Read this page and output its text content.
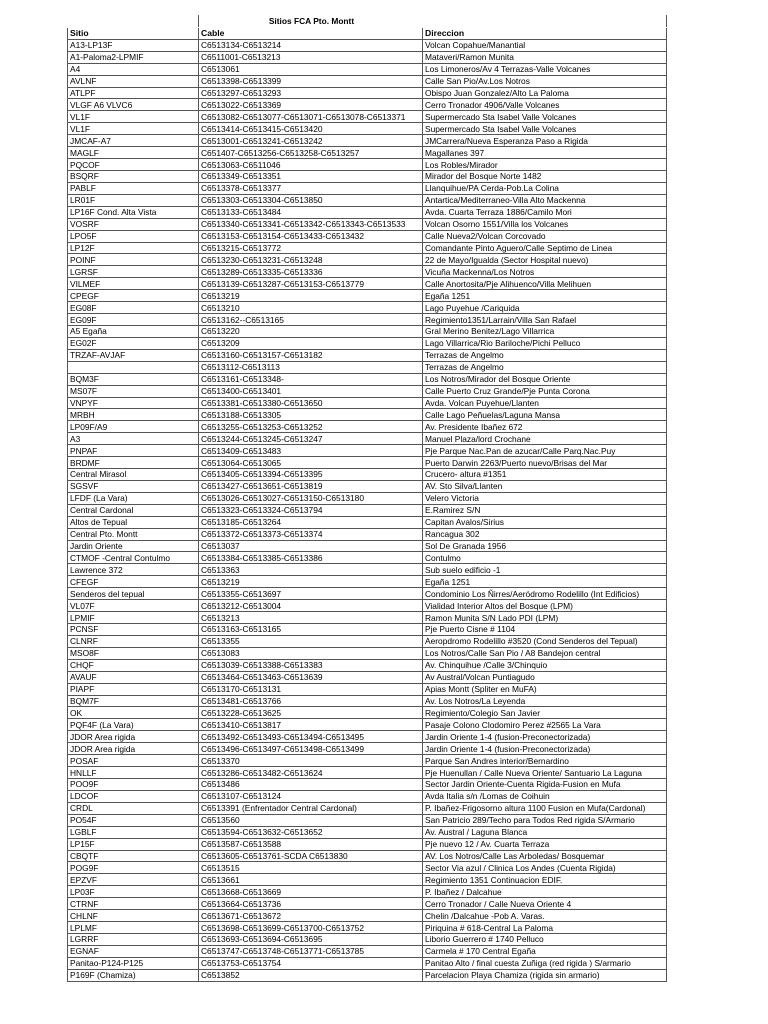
	Sitios FCA Pto. Montt	
Sitio	Cable	Direccion
A13-LP13F	C6513134-C6513214	Volcan Copahue/Manantial
A1-Paloma2-LPMIF	C6511001-C6513213	Mataveri/Ramon Munita
A4	C6513061	Los Limoneros/Av 4 Terrazas-Valle Volcanes
AVLNF	C6513398-C6513399	Calle San Pio/Av.Los Notros
ATLPF	C6513297-C6513293	Obispo Juan Gonzalez/Alto La Paloma
VLGF A6 VLVC6	C6513022-C6513369	Cerro Tronador 4906/Valle Volcanes
VL1F	C6513082-C6513077-C6513071-C6513078-C6513371	Supermercado Sta Isabel Valle Volcanes
VL1F	C6513414-C6513415-C6513420	Supermercado Sta Isabel Valle Volcanes
JMCAF-A7	C6513001-C6513241-C6513242	JMCarrera/Nueva Esperanza Paso a Rigida
MAGLF	C651407-C6513256-C6513258-C6513257	Magallanes 397
PQCOF	C6513063-C6511046	Los Robles/Mirador
BSQRF	C6513349-C6513351	Mirador del Bosque Norte 1482
PABLF	C6513378-C6513377	Llanquihue/PA Cerda-Pob.La Colina
LR01F	C6513303-C6513304-C6513850	Antartica/Mediterraneo-Villa Alto Mackenna
LP16F Cond. Alta Vista	C6513133-C6513484	Avda. Cuarta Terraza 1886/Camilo Mori
VOSRF	C6513340-C6513341-C6513342-C6513343-C6513533	Volcan Osorno 1551/Villa los Volcanes
LPO5F	C6513153-C6513154-C6513433-C6513432	Calle Nueva2/Volcan Corcovado
LP12F	C6513215-C6513772	Comandante Pinto Aguero/Calle Septimo de Linea
POINF	C6513230-C6513231-C6513248	22 de Mayo/Igualda (Sector Hospital nuevo)
LGRSF	C6513289-C6513335-C6513336	Vicuña Mackenna/Los Notros
VILMEF	C6513139-C6513287-C6513153-C6513779	Calle Anortosita/Pje Alihuenco/Villa Melihuen
CPEGF	C6513219	Egaña 1251
EG08F	C6513210	Lago Puyehue /Cariquida
EG09F	C6513162--C6513165	Regimiento1351/Larrain/Villa San Rafael
A5 Egaña	C6513220	Gral Merino Benitez/Lago Villarrica
EG02F	C6513209	Lago Villarrica/Rio Bariloche/Pichi Pelluco
TRZAF-AVJAF	C6513160-C6513157-C6513182	Terrazas de Angelmo
	C6513112-C6513113	Terrazas de Angelmo
BQM3F	C6513161-C6513348-	Los Notros/Mirador del Bosque Oriente
MS07F	C6513400-C6513401	Calle Puerto Cruz Grande/Pje Punta Corona
VNPYF	C6513381-C6513380-C6513650	Avda. Volcan Puyehue/Llanten
MRBH	C6513188-C6513305	Calle Lago Peñuelas/Laguna Mansa
LP09F/A9	C6513255-C6513253-C6513252	Av. Presidente Ibañez 672
A3	C6513244-C6513245-C6513247	Manuel Plaza/lord Crochane
PNPAF	C6513409-C6513483	Pje Parque Nac.Pan de azucar/Calle Parq.Nac.Puy
BRDMF	C6513064-C6513065	Puerto Darwin 2263/Puerto nuevo/Brisas del Mar
Central Mirasol	C6513405-C6513394-C6513395	Crucero- altura #1351
SGSVF	C6513427-C6513651-C6513819	AV. Sto Silva/Llanten
LFDF (La Vara)	C6513026-C6513027-C6513150-C6513180	Velero Victoria
Central Cardonal	C6513323-C6513324-C6513794	E.Ramirez S/N
Altos de Tepual	C6513185-C6513264	Capitan Avalos/Sirius
Central Pto. Montt	C6513372-C6513373-C6513374	Rancagua 302
Jardin Oriente	C6513037	Sol De Granada 1956
CTMOF -Central Contulmo	C6513384-C6513385-C6513386	Contulmo
Lawrence 372	C6513363	Sub suelo edificio -1
CFEGF	C6513219	Egaña 1251
Senderos del tepual	C6513355-C6513697	Condominio Los Ñirres/Aeródromo Rodelillo (Int Edificios)
VL07F	C6513212-C6513004	Vialidad Interior Altos del Bosque (LPM)
LPMIF	C6513213	Ramon Munita S/N Lado PDI (LPM)
PCNSF	C6513163-C6513165	Pje Puerto Cisne # 1104
CLNRF	C6513355	Aeropdromo Rodelillo #3520 (Cond Senderos del Tepual)
MSO8F	C6513083	Los Notros/Calle San Pio / A8 Bandejon central
CHQF	C6513039-C6513388-C6513383	Av. Chinquihue /Calle 3/Chinquio
AVAUF	C6513464-C6513463-C6513639	Av Austral/Volcan Puntiagudo
PIAPF	C6513170-C6513131	Apias Montt (Spliter en MuFA)
BQM7F	C6513481-C6513766	Av. Los Notros/La Leyenda
OK	C6513228-C6513625	Regimiento/Colegio San Javier
PQF4F (La Vara)	C6513410-C6513817	Pasaje Colono Clodomiro Perez #2565 La Vara
JDOR Area rigida	C6513492-C6513493-C6513494-C6513495	Jardin Oriente 1-4 (fusion-Preconectorizada)
JDOR Area rigida	C6513496-C6513497-C6513498-C6513499	Jardin Oriente 1-4 (fusion-Preconectorizada)
POSAF	C6513370	Parque San Andres interior/Bernardino
HNLLF	C6513286-C6513482-C6513624	Pje Huenullan / Calle Nueva Oriente/ Santuario La Laguna
POO9F	C6513486	Sector Jardin Oriente-Cuenta Rigida-Fusion en Mufa
LDCOF	C6513107-C6513124	Avda Italia s/n /Lomas de Coihuin
CRDL	C6513391 (Enfrentador Central Cardonal)	P. Ibañez-Frigosorno altura 1100 Fusion en Mufa(Cardonal)
PO54F	C6513560	San Patricio 289/Techo para Todos Red rigida S/Armario
LGBLF	C6513594-C6513632-C6513652	Av. Austral / Laguna Blanca
LP15F	C6513587-C6513588	Pje nuevo 12 / Av. Cuarta Terraza
CBQTF	C6513605-C6513761-SCDA C6513830	AV. Los Notros/Calle Las Arboledas/ Bosquemar
POG9F	C6513515	Sector Via azul / Clinica Los Andes (Cuenta Rigida)
EPZVF	C6513661	Regimiento 1351 Continuacion EDIF.
LP03F	C6513668-C6513669	P. Ibañez / Dalcahue
CTRNF	C6513664-C6513736	Cerro Tronador / Calle Nueva Oriente 4
CHLNF	C6513671-C6513672	Chelin /Dalcahue -Pob A. Varas.
LPLMF	C6513698-C6513699-C6513700-C6513752	Piriquina # 618-Central La Paloma
LGRRF	C6513693-C6513694-C6513695	Liborio Guerrero # 1740 Pelluco
EGNAF	C6513747-C6513748-C6513771-C6513785	Carmela # 170 Central Egaña
Panitao-P124-P125	C6513753-C6513754	Panitao Alto / final cuesta Zuñiga (red rigida ) S/armario
P169F (Chamiza)	C6513852	Parcelacion Playa Chamiza (rigida sin armario)
